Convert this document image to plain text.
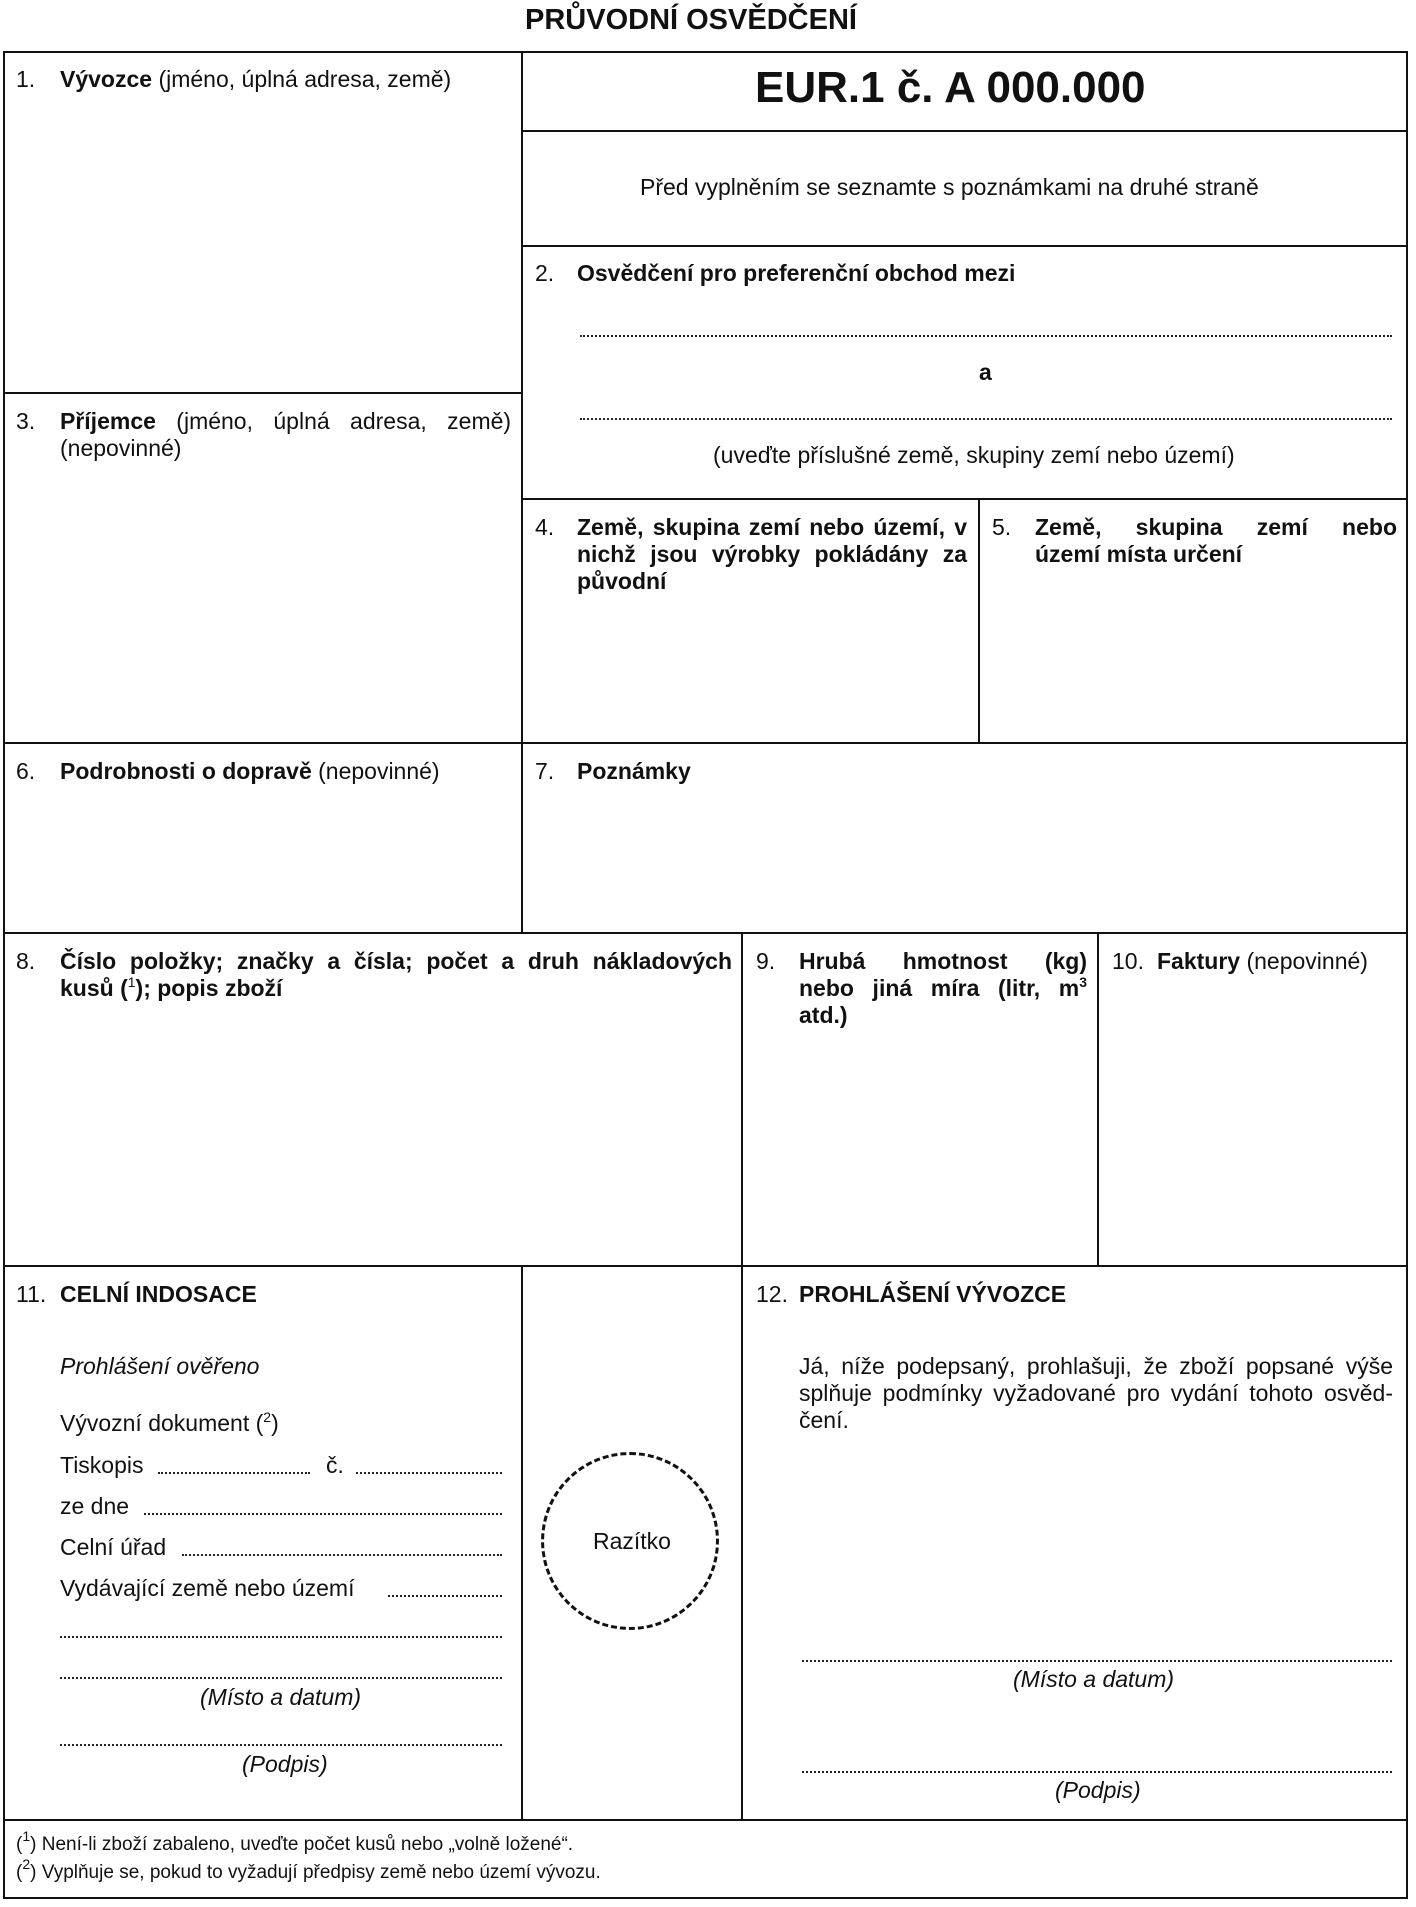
PRŮVODNÍ OSVĚDČENÍ
1. Vývozce (jméno, úplná adresa, země)	EUR.1 č. A 000.000
Před vyplněním se seznamte s poznámkami na druhé straně
2. Osvědčení pro preferenční obchod mezi
a
(uveďte příslušné země, skupiny zemí nebo území)
3. Příjemce (jméno, úplná adresa, země)
(nepovinné)
4. Země, skupina zemí nebo území, v
nichž jsou výrobky pokládány za
původní
5. Země, skupina zemí nebo
území místa určení
6. Podrobnosti o dopravě (nepovinné)	7. Poznámky
8. Číslo položky; značky a čísla; počet a druh nákladových
kusů ($^1$); popis zboží
9. Hrubá hmotnost (kg)
nebo jiná míra (litr, $m^3$
atd.)
10. Faktury (nepovinné)
11. CELNÍ INDOSACE
Prohlášení ověřeno
Vývozní dokument ($^2$)
Tiskopis	č.
ze dne
Celní úřad
Vydávající země nebo území
(Místo a datum)
(Podpis)
Razítko
12. PROHLÁŠENÍ VÝVOZCE
Já, níže podepsaný, prohlašuji, že zboží popsané výše
splňuje podmínky vyžadované pro vydání tohoto osvěd-
čení.
(Místo a datum)
(Podpis)
($^1$) Není-li zboží zabaleno, uveďte počet kusů nebo „volně ložené“.
($^2$) Vyplňuje se, pokud to vyžadují předpisy země nebo území vývozu.
